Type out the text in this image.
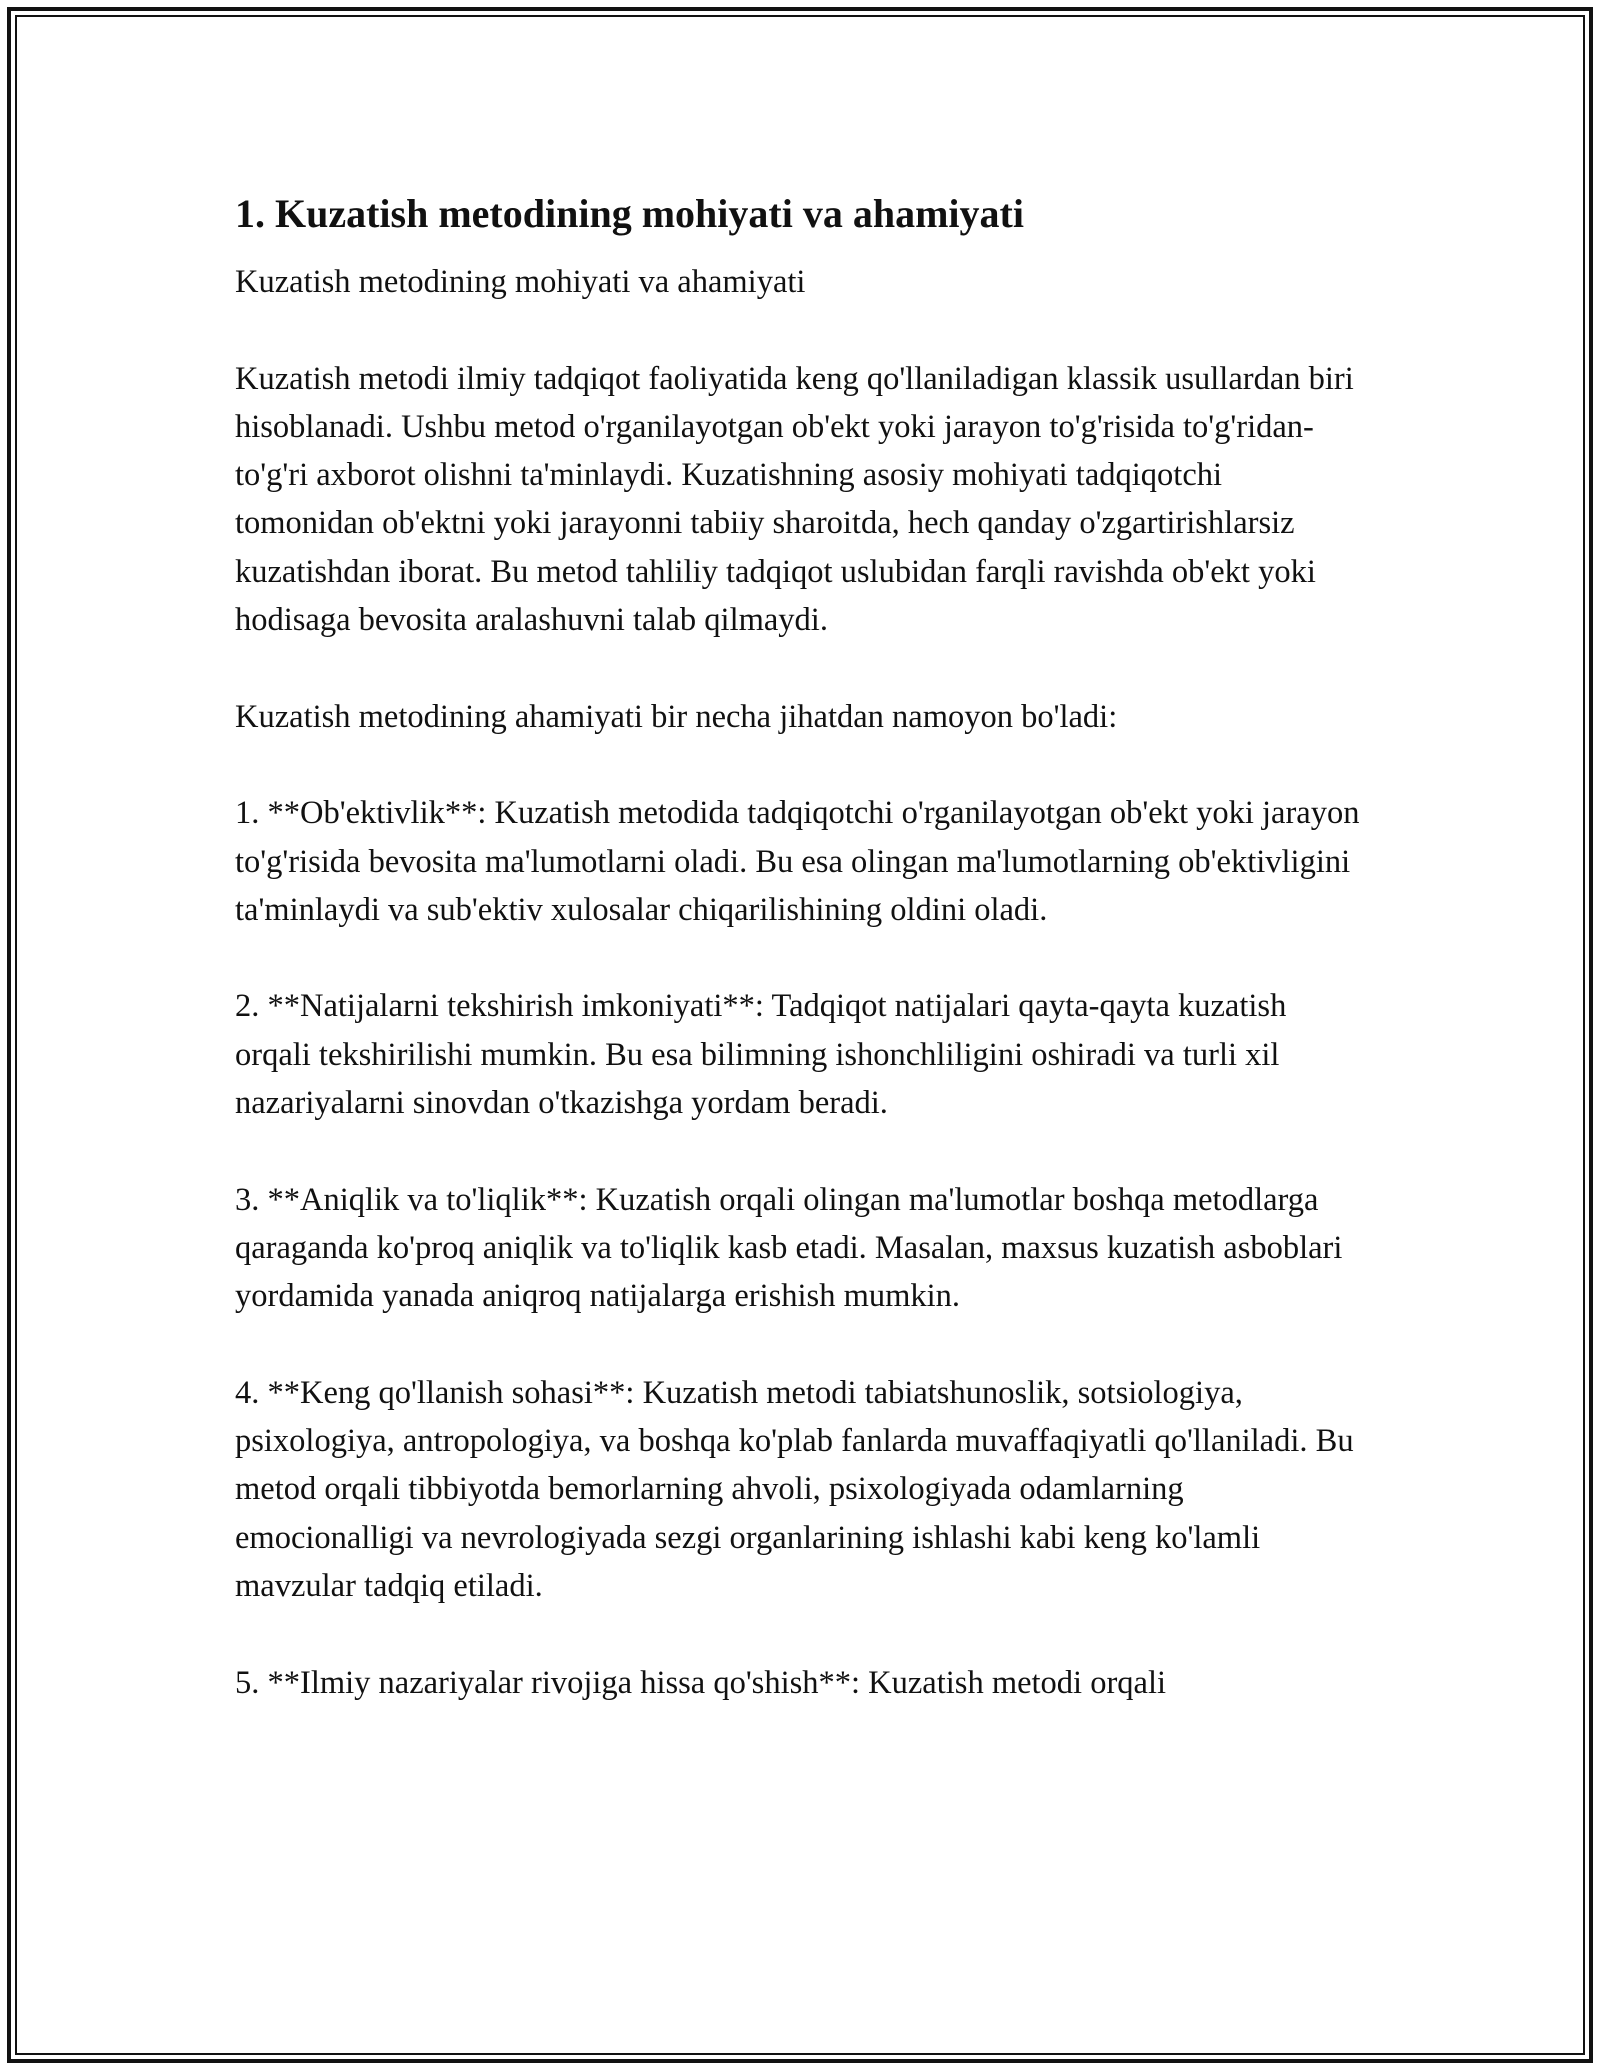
1. Kuzatish metodining mohiyati va ahamiyati

Kuzatish metodining mohiyati va ahamiyati

Kuzatish metodi ilmiy tadqiqot faoliyatida keng qo'llaniladigan klassik usullardan biri hisoblanadi. Ushbu metod o'rganilayotgan ob'ekt yoki jarayon to'g'risida to'g'ridan-to'g'ri axborot olishni ta'minlaydi. Kuzatishning asosiy mohiyati tadqiqotchi tomonidan ob'ektni yoki jarayonni tabiiy sharoitda, hech qanday o'zgartirishlarsiz kuzatishdan iborat. Bu metod tahliliy tadqiqot uslubidan farqli ravishda ob'ekt yoki hodisaga bevosita aralashuvni talab qilmaydi.

Kuzatish metodining ahamiyati bir necha jihatdan namoyon bo'ladi:

1. **Ob'ektivlik**: Kuzatish metodida tadqiqotchi o'rganilayotgan ob'ekt yoki jarayon to'g'risida bevosita ma'lumotlarni oladi. Bu esa olingan ma'lumotlarning ob'ektivligini ta'minlaydi va sub'ektiv xulosalar chiqarilishining oldini oladi.

2. **Natijalarni tekshirish imkoniyati**: Tadqiqot natijalari qayta-qayta kuzatish orqali tekshirilishi mumkin. Bu esa bilimning ishonchliligini oshiradi va turli xil nazariyalarni sinovdan o'tkazishga yordam beradi.

3. **Aniqlik va to'liqlik**: Kuzatish orqali olingan ma'lumotlar boshqa metodlarga qaraganda ko'proq aniqlik va to'liqlik kasb etadi. Masalan, maxsus kuzatish asboblari yordamida yanada aniqroq natijalarga erishish mumkin.

4. **Keng qo'llanish sohasi**: Kuzatish metodi tabiatshunoslik, sotsiologiya, psixologiya, antropologiya, va boshqa ko'plab fanlarda muvaffaqiyatli qo'llaniladi. Bu metod orqali tibbiyotda bemorlarning ahvoli, psixologiyada odamlarning emocionalligi va nevrologiyada sezgi organlarining ishlashi kabi keng ko'lamli mavzular tadqiq etiladi.

5. **Ilmiy nazariyalar rivojiga hissa qo'shish**: Kuzatish metodi orqali
